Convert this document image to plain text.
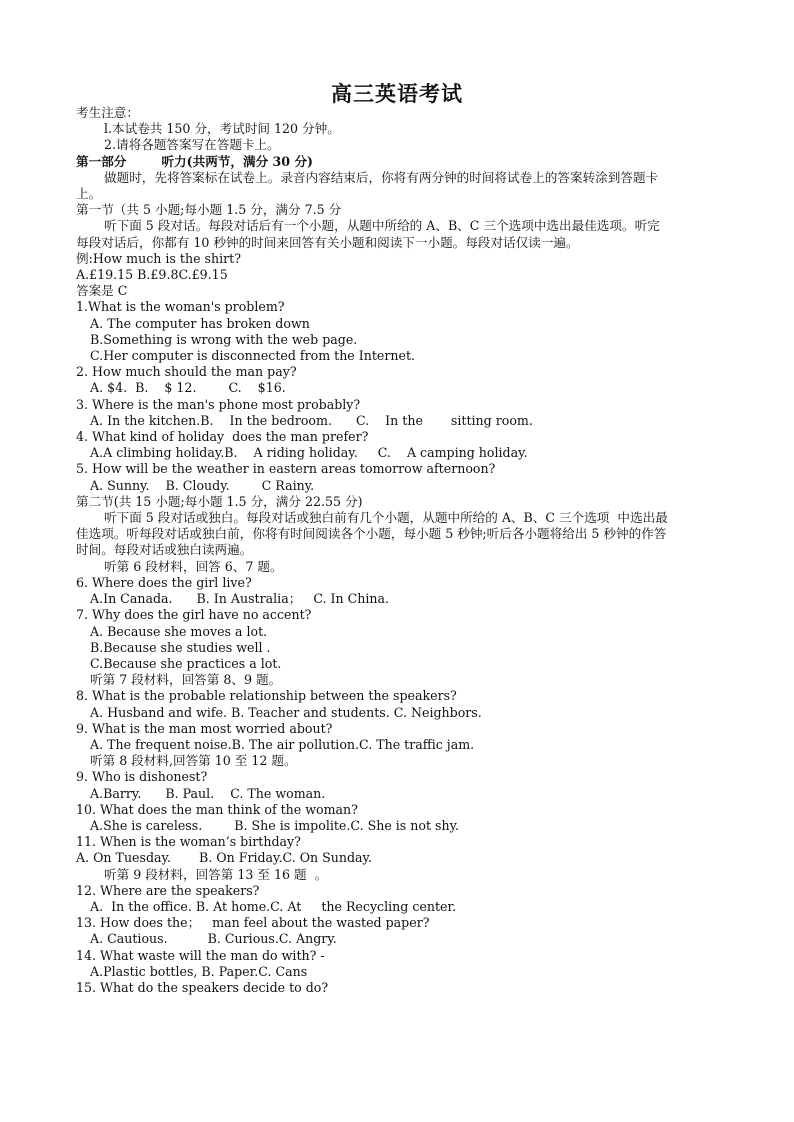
高三英语考试
考生注意：
l.本试卷共 150 分，考试时间 120 分钟。
2.请将各题答案写在答题卡上。
第一部分	听力(共两节，满分 30 分)
做题时，先将答案标在试卷上。录音内容结束后，你将有两分钟的时间将试卷上的答案转涂到答题卡
上。
第一节（共 5 小题;每小题 1.5 分，满分 7.5 分
听下面 5 段对话。每段对话后有一个小题，从题中所给的 A、B、C 三个选项中选出最佳选项。听完
每段对话后，你都有 10 秒钟的时间来回答有关小题和阅读下一小题。每段对话仅读一遍。
例:How much is the shirt?
A.£19.15 B.£9.8C.£9.15
答案是 C
1.What is the woman's problem?
A. The computer has broken down
B.Something is wrong with the web page.
C.Her computer is disconnected from the Internet.
2. How much should the man pay?
A. $4.  B.    $ 12.        C.    $16.
3. Where is the man's phone most probably?
A. In the kitchen.B.    In the bedroom.      C.    In the       sitting room.
4. What kind of holiday  does the man prefer?
A.A climbing holiday.B.    A riding holiday.     C.    A camping holiday.
5. How will be the weather in eastern areas tomorrow afternoon?
A. Sunny.    B. Cloudy.        C Rainy.
第二节(共 15 小题;每小题 1.5 分，满分 22.55 分)
听下面 5 段对话或独白。每段对话或独白前有几个小题，从题中所给的 A、B、C 三个选项  中选出最
佳选项。听每段对话或独白前，你将有时间阅读各个小题，每小题 5 秒钟;听后各小题将给出 5 秒钟的作答
时间。每段对话或独白读两遍。
听第 6 段材料，回答 6、7 题。
6. Where does the girl live?
A.In Canada.      B. In Australia；   C. In China.
7. Why does the girl have no accent?
A. Because she moves a lot.
B.Because she studies well .
C.Because she practices a lot.
听第 7 段材料，回答第 8、9 题。
8. What is the probable relationship between the speakers?
A. Husband and wife. B. Teacher and students. C. Neighbors.
9. What is the man most worried about?
A. The frequent noise.B. The air pollution.C. The traffic jam.
听第 8 段材料,回答第 10 至 12 题。
9. Who is dishonest?
A.Barry.      B. Paul.    C. The woman.
10. What does the man think of the woman?
A.She is careless.        B. She is impolite.C. She is not shy.
11. When is the woman’s birthday?
A. On Tuesday.       B. On Friday.C. On Sunday.
听第 9 段材料，回答第 13 至 16 题  。
12. Where are the speakers?
A.  In the office. B. At home.C. At     the Recycling center.
13. How does the；   man feel about the wasted paper?
A. Cautious.          B. Curious.C. Angry.
14. What waste will the man do with? -
A.Plastic bottles, B. Paper.C. Cans
15. What do the speakers decide to do?
